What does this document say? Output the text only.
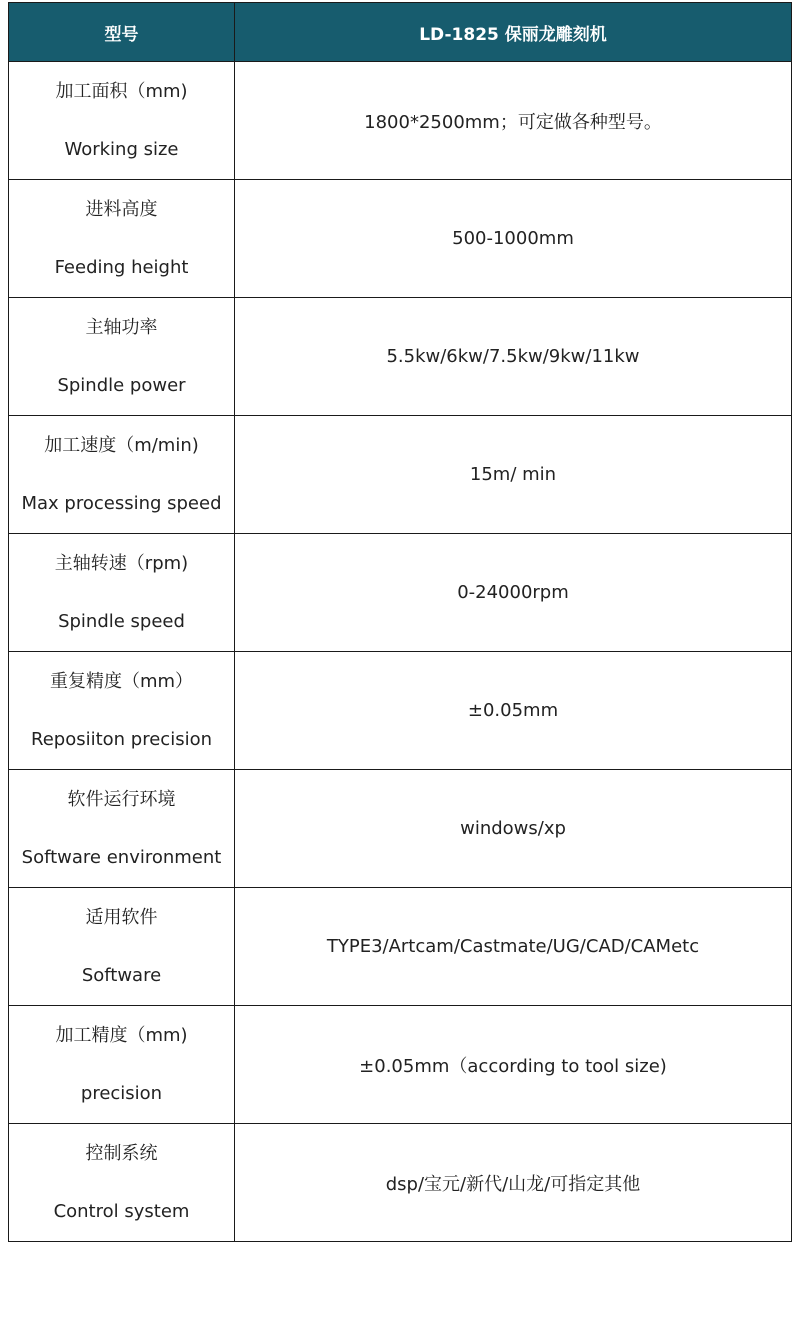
型号	LD-1825 保丽龙雕刻机

加工面积（mm)
Working size	1800*2500mm；可定做各种型号。

进料高度
Feeding height	500-1000mm

主轴功率
Spindle power	5.5kw/6kw/7.5kw/9kw/11kw

加工速度（m/min)
Max processing speed	15m/ min

主轴转速（rpm)
Spindle speed	0-24000rpm

重复精度（mm）
Reposiiton precision	±0.05mm

软件运行环境
Software environment	windows/xp

适用软件
Software	TYPE3/Artcam/Castmate/UG/CAD/CAMetc

加工精度（mm)
precision	±0.05mm（according to tool size)

控制系统
Control system	dsp/宝元/新代/山龙/可指定其他
